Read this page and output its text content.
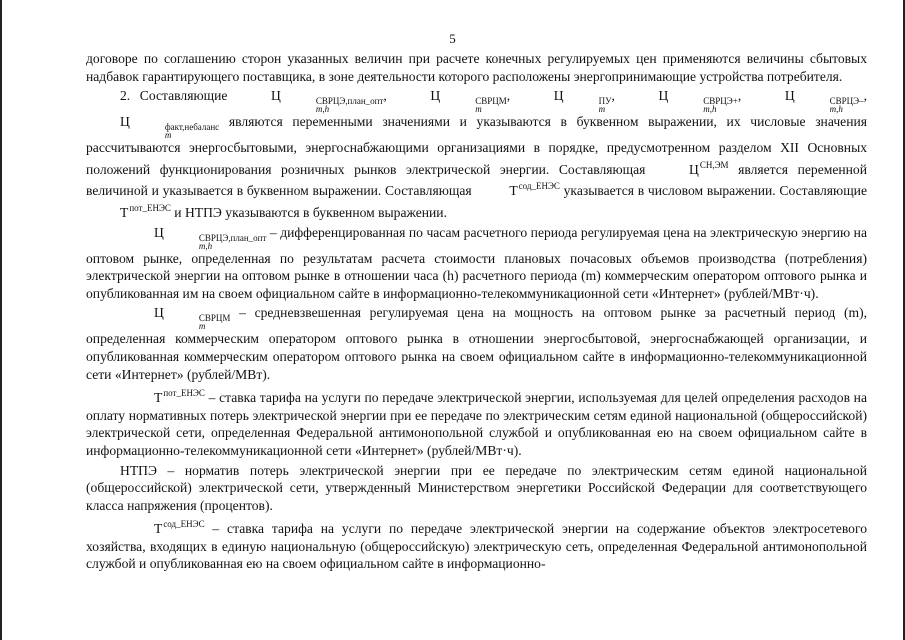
5

договоре по соглашению сторон указанных величин при расчете конечных регулируемых цен применяются величины сбытовых надбавок гарантирующего поставщика, в зоне деятельности которого расположены энергопринимающие устройства потребителя.

2. Составляющие	Ц	СВРЦЭ,план_опт
m,h
,	Ц	СВРЦМ
m
,	Ц	ПУ
m
,	Ц	СВРЦЭ+
m,h
,	Ц	СВРЦЭ–
m,h
, Ц	факт,небаланс
m
являются переменными значениями и указываются в буквенном выражении, их числовые значения рассчитываются энергосбытовыми, энергоснабжающими организациями в порядке, предусмотренном разделом XII Основных положений функционирования розничных рынков электрической энергии. Составляющая	$Ц^{СН,ЭМ}$ является переменной величиной и указывается в буквенном выражении. Составляющая	$Т^{сод\_ЕНЭС}$ указывается в числовом выражении. Составляющие $Т^{пот\_ЕНЭС}$ и НТПЭ указываются в буквенном выражении.

Ц	СВРЦЭ,план_опт
m,h
– дифференцированная по часам расчетного периода регулируемая цена на электрическую энергию на оптовом рынке, определенная по результатам расчета стоимости плановых почасовых объемов производства (потребления) электрической энергии на оптовом рынке в отношении часа (h) расчетного периода (m) коммерческим оператором оптового рынка и опубликованная им на своем официальном сайте в информационно-телекоммуникационной сети «Интернет» (рублей/МВт·ч).

Ц	СВРЦМ
m
– средневзвешенная регулируемая цена на мощность на оптовом рынке за расчетный период (m), определенная коммерческим оператором оптового рынка в отношении энергосбытовой, энергоснабжающей организации, и опубликованная коммерческим оператором оптового рынка на своем официальном сайте в информационно-телекоммуникационной сети «Интернет» (рублей/МВт).

$Т^{пот\_ЕНЭС}$ – ставка тарифа на услуги по передаче электрической энергии, используемая для целей определения расходов на оплату нормативных потерь электрической энергии при ее передаче по электрическим сетям единой национальной (общероссийской) электрической сети, определенная Федеральной антимонопольной службой и опубликованная ею на своем официальном сайте в информационно-телекоммуникационной сети «Интернет» (рублей/МВт·ч).

НТПЭ – норматив потерь электрической энергии при ее передаче по электрическим сетям единой национальной (общероссийской) электрической сети, утвержденный Министерством энергетики Российской Федерации для соответствующего класса напряжения (процентов).

$Т^{сод\_ЕНЭС}$ – ставка тарифа на услуги по передаче электрической энергии на содержание объектов электросетевого хозяйства, входящих в единую национальную (общероссийскую) электрическую сеть, определенная Федеральной антимонопольной службой и опубликованная ею на своем официальном сайте в информационно-
